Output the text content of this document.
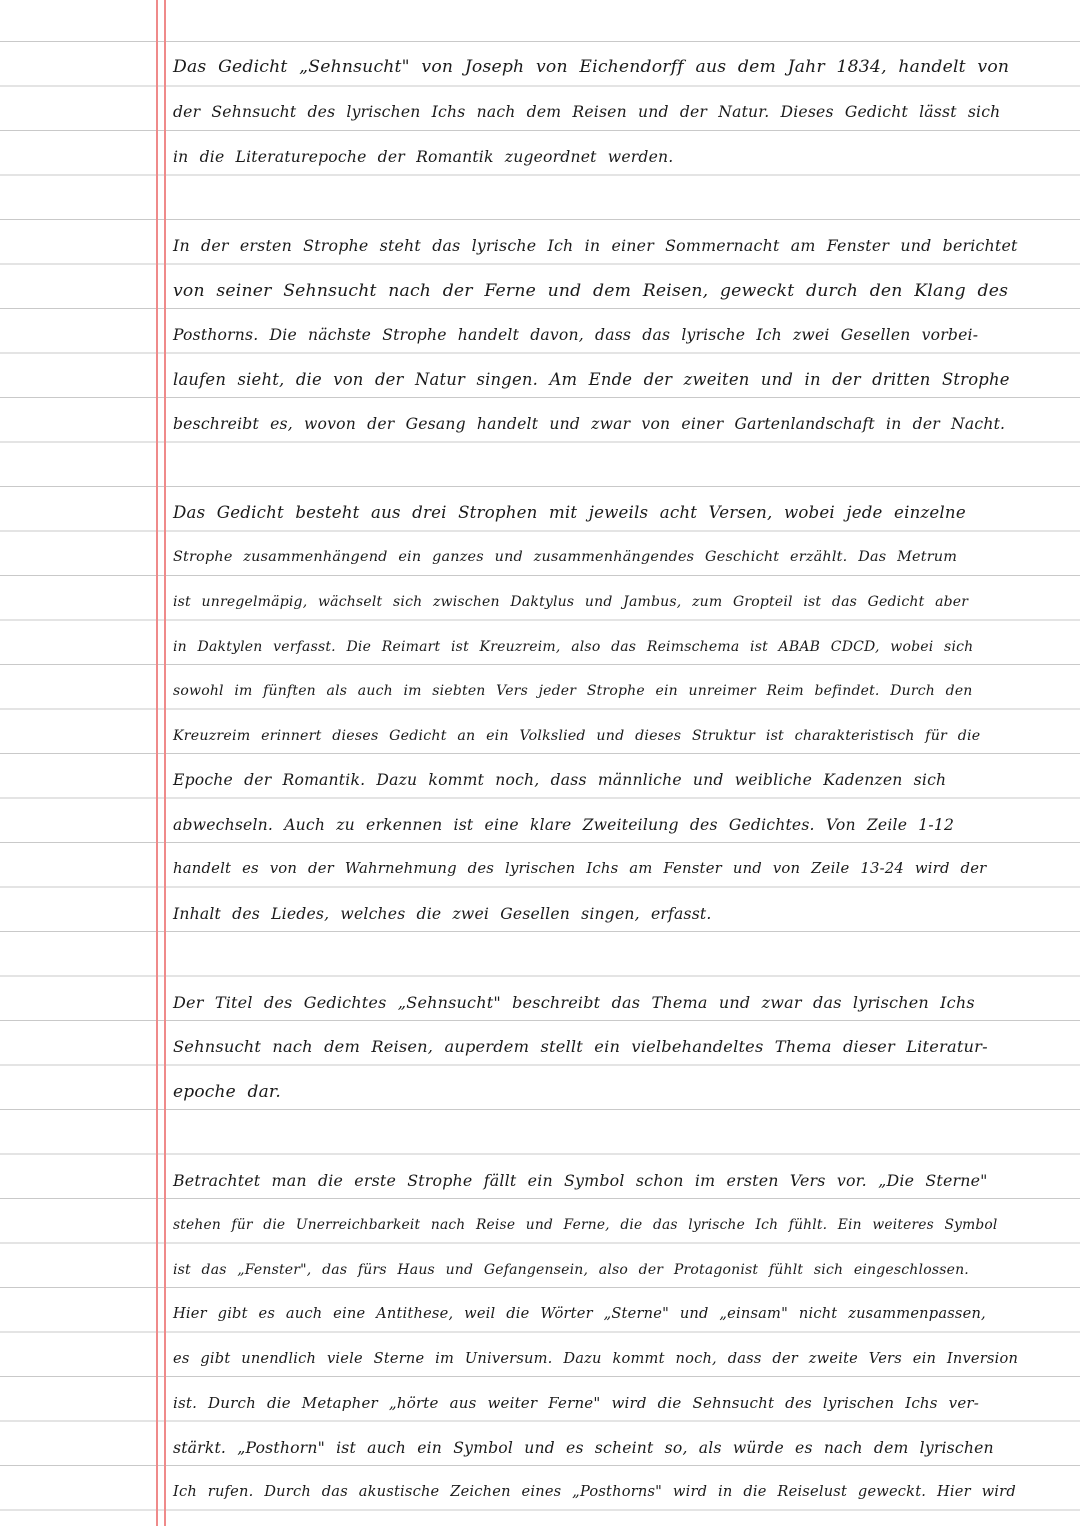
Das Gedicht „Sehnsucht" von Joseph von Eichendorff aus dem Jahr 1834, handelt von
der Sehnsucht des lyrischen Ichs nach dem Reisen und der Natur. Dieses Gedicht lässt sich
in die Literaturepoche der Romantik zugeordnet werden.
In der ersten Strophe steht das lyrische Ich in einer Sommernacht am Fenster und berichtet
von seiner Sehnsucht nach der Ferne und dem Reisen, geweckt durch den Klang des
Posthorns. Die nächste Strophe handelt davon, dass das lyrische Ich zwei Gesellen vorbei-
laufen sieht, die von der Natur singen. Am Ende der zweiten und in der dritten Strophe
beschreibt es, wovon der Gesang handelt und zwar von einer Gartenlandschaft in der Nacht.
Das Gedicht besteht aus drei Strophen mit jeweils acht Versen, wobei jede einzelne
Strophe zusammenhängend ein ganzes und zusammenhängendes Geschicht erzählt. Das Metrum
ist unregelmäpig, wächselt sich zwischen Daktylus und Jambus, zum Gropteil ist das Gedicht aber
in Daktylen verfasst. Die Reimart ist Kreuzreim, also das Reimschema ist ABAB CDCD, wobei sich
sowohl im fünften als auch im siebten Vers jeder Strophe ein unreimer Reim befindet. Durch den
Kreuzreim erinnert dieses Gedicht an ein Volkslied und dieses Struktur ist charakteristisch für die
Epoche der Romantik. Dazu kommt noch, dass männliche und weibliche Kadenzen sich
abwechseln. Auch zu erkennen ist eine klare Zweiteilung des Gedichtes. Von Zeile 1-12
handelt es von der Wahrnehmung des lyrischen Ichs am Fenster und von Zeile 13-24 wird der
Inhalt des Liedes, welches die zwei Gesellen singen, erfasst.
Der Titel des Gedichtes „Sehnsucht" beschreibt das Thema und zwar das lyrischen Ichs
Sehnsucht nach dem Reisen, auperdem stellt ein vielbehandeltes Thema dieser Literatur-
epoche dar.
Betrachtet man die erste Strophe fällt ein Symbol schon im ersten Vers vor. „Die Sterne"
stehen für die Unerreichbarkeit nach Reise und Ferne, die das lyrische Ich fühlt. Ein weiteres Symbol
ist das „Fenster", das fürs Haus und Gefangensein, also der Protagonist fühlt sich eingeschlossen.
Hier gibt es auch eine Antithese, weil die Wörter „Sterne" und „einsam" nicht zusammenpassen,
es gibt unendlich viele Sterne im Universum. Dazu kommt noch, dass der zweite Vers ein Inversion
ist. Durch die Metapher „hörte aus weiter Ferne" wird die Sehnsucht des lyrischen Ichs ver-
stärkt. „Posthorn" ist auch ein Symbol und es scheint so, als würde es nach dem lyrischen
Ich rufen. Durch das akustische Zeichen eines „Posthorns" wird in die Reiselust geweckt. Hier wird
